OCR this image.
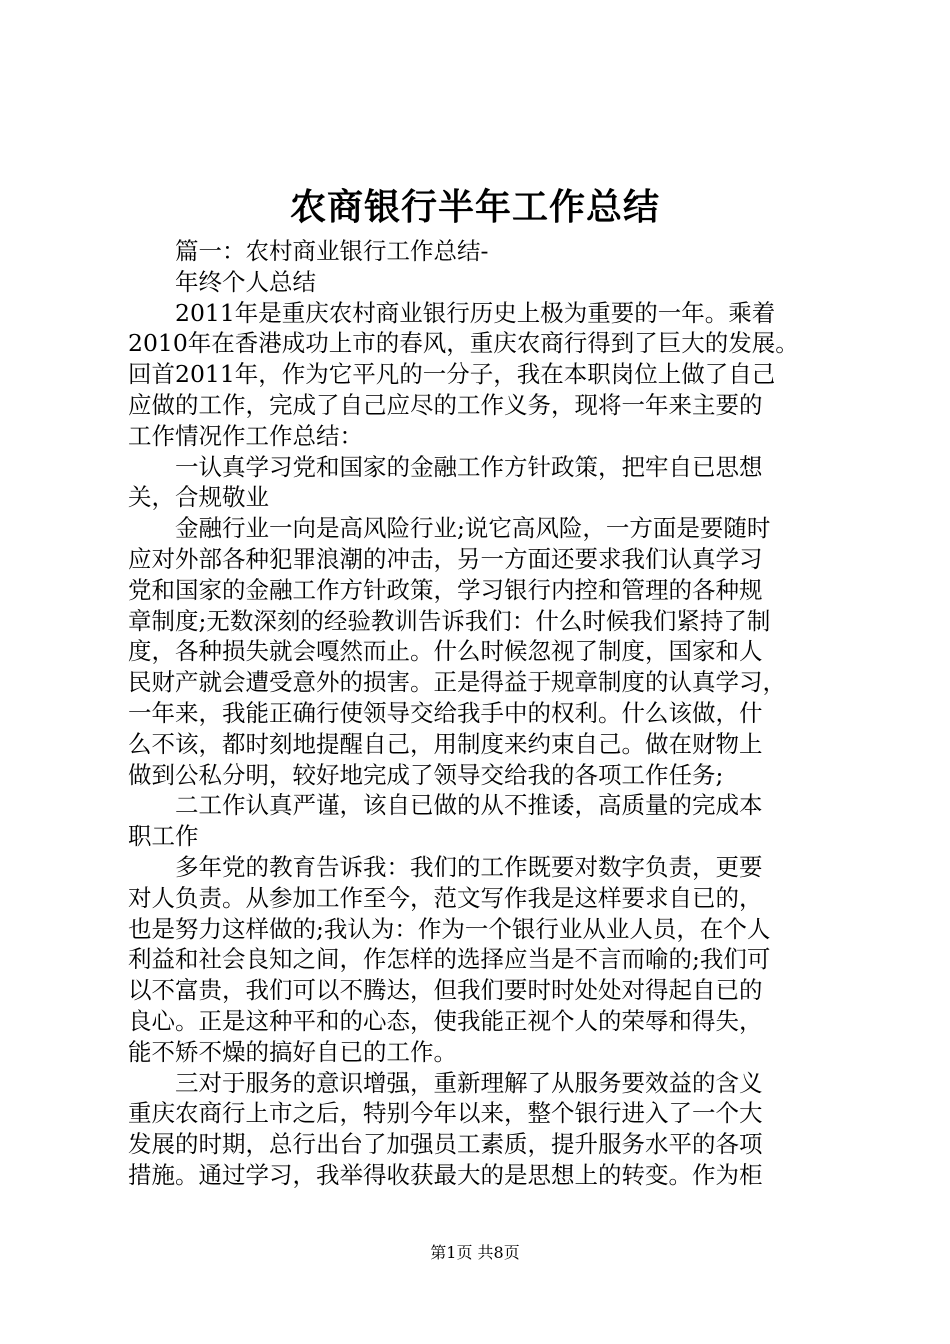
农商银行半年工作总结
篇一：农村商业银行工作总结-
年终个人总结
2011年是重庆农村商业银行历史上极为重要的一年。乘着
2010年在香港成功上市的春风，重庆农商行得到了巨大的发展。
回首2011年，作为它平凡的一分子，我在本职岗位上做了自己
应做的工作，完成了自己应尽的工作义务，现将一年来主要的
工作情况作工作总结：
一认真学习党和国家的金融工作方针政策，把牢自已思想
关，合规敬业
金融行业一向是高风险行业;说它高风险，一方面是要随时
应对外部各种犯罪浪潮的冲击，另一方面还要求我们认真学习
党和国家的金融工作方针政策，学习银行内控和管理的各种规
章制度;无数深刻的经验教训告诉我们：什么时候我们紧持了制
度，各种损失就会嘎然而止。什么时候忽视了制度，国家和人
民财产就会遭受意外的损害。正是得益于规章制度的认真学习，
一年来，我能正确行使领导交给我手中的权利。什么该做，什
么不该，都时刻地提醒自己，用制度来约束自己。做在财物上
做到公私分明，较好地完成了领导交给我的各项工作任务;
二工作认真严谨，该自已做的从不推诿，高质量的完成本
职工作
多年党的教育告诉我：我们的工作既要对数字负责，更要
对人负责。从参加工作至今，范文写作我是这样要求自已的，
也是努力这样做的;我认为：作为一个银行业从业人员，在个人
利益和社会良知之间，作怎样的选择应当是不言而喻的;我们可
以不富贵，我们可以不腾达，但我们要时时处处对得起自已的
良心。正是这种平和的心态，使我能正视个人的荣辱和得失，
能不矫不燥的搞好自已的工作。
三对于服务的意识增强，重新理解了从服务要效益的含义
重庆农商行上市之后，特别今年以来，整个银行进入了一个大
发展的时期，总行出台了加强员工素质，提升服务水平的各项
措施。通过学习，我举得收获最大的是思想上的转变。作为柜
第1页 共8页
